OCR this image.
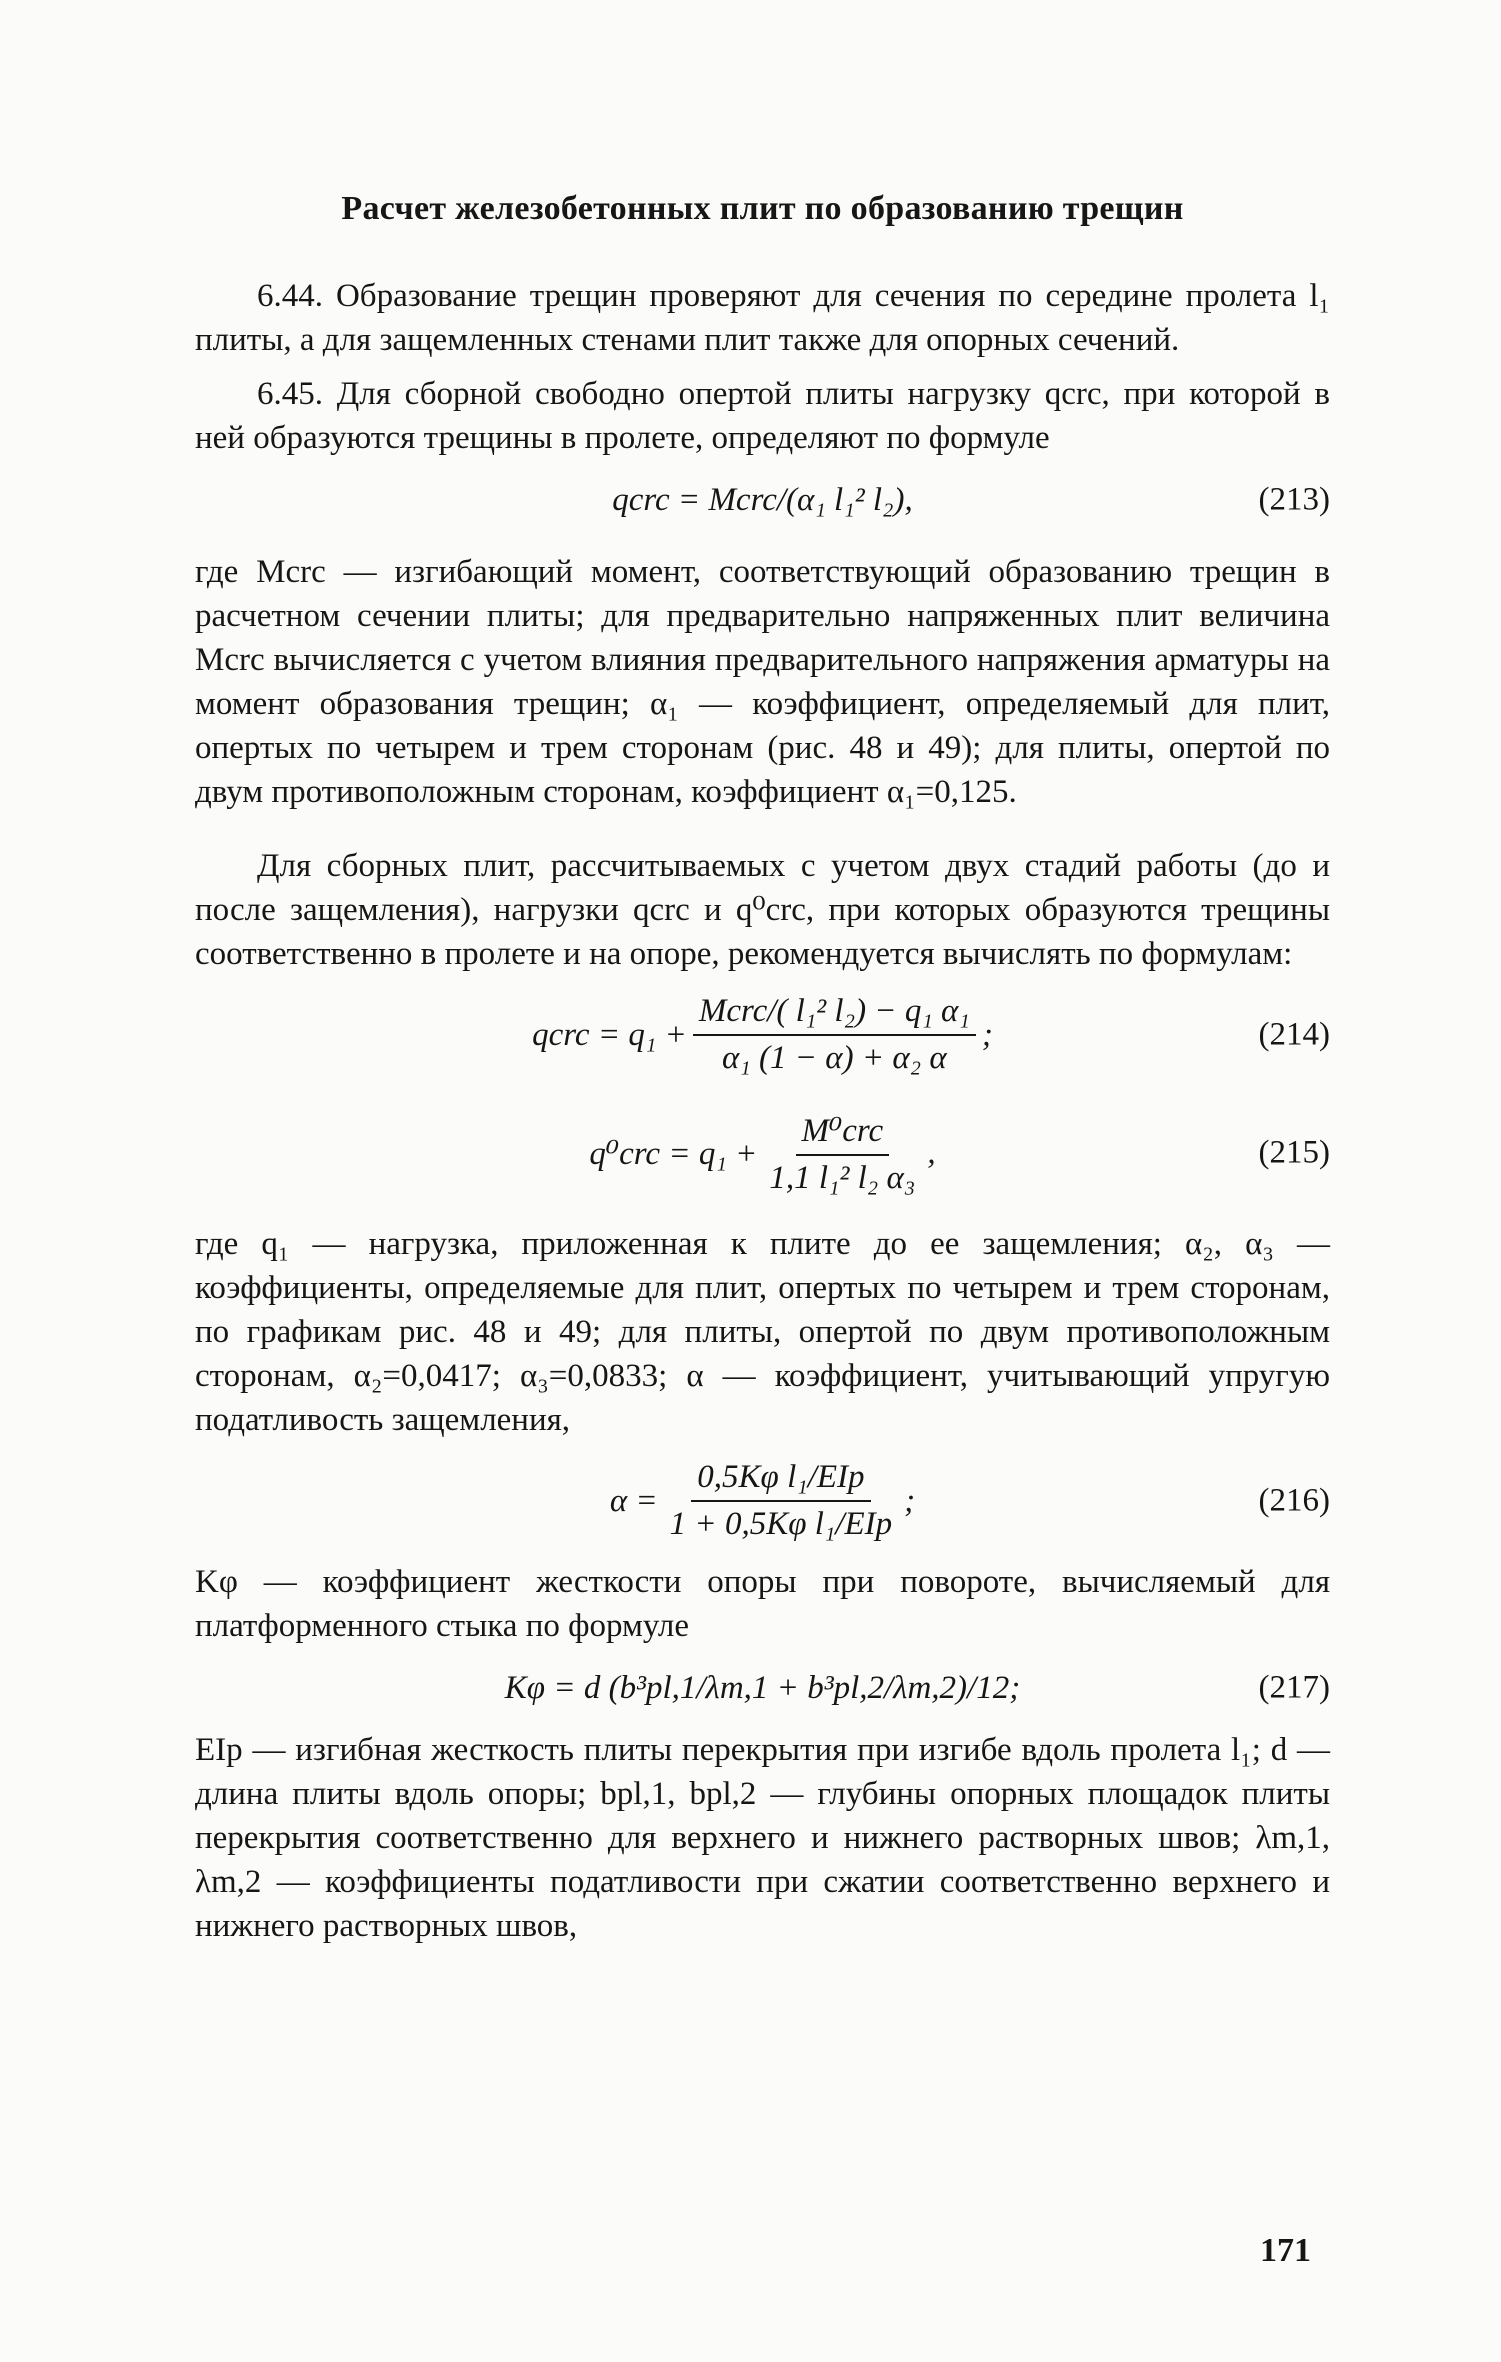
Расчет железобетонных плит по образованию трещин

6.44. Образование трещин проверяют для сечения по середине пролета l₁ плиты, а для защемленных стенами плит также для опорных сечений.

6.45. Для сборной свободно опертой плиты нагрузку qcrc, при которой в ней образуются трещины в пролете, определяют по формуле

qcrc = Mcrc/(α₁ l₁² l₂),	(213)

где Mcrc — изгибающий момент, соответствующий образованию трещин в расчетном сечении плиты; для предварительно напряженных плит величина Mcrc вычисляется с учетом влияния предварительного напряжения арматуры на момент образования трещин; α₁ — коэффициент, определяемый для плит, опертых по четырем и трем сторонам (рис. 48 и 49); для плиты, опертой по двум противоположным сторонам, коэффициент α₁=0,125.

Для сборных плит, рассчитываемых с учетом двух стадий работы (до и после защемления), нагрузки qcrc и q⁰crc, при которых образуются трещины соответственно в пролете и на опоре, рекомендуется вычислять по формулам:

qcrc = $q_1 + \frac{\text{Mcrc/( l₁² l₂) − q₁ α₁}}{\text{α₁ (1 − α) + α₂ α}}$ ;	(214)
$q^0crc = q_1 + \frac{\text{M⁰crc}}{\text{1,1 l₁² l₂ α₃}}$ ,	(215)

где q₁ — нагрузка, приложенная к плите до ее защемления; α₂, α₃ — коэффициенты, определяемые для плит, опертых по четырем и трем сторонам, по графикам рис. 48 и 49; для плиты, опертой по двум противоположным сторонам, α₂=0,0417; α₃=0,0833; α — коэффициент, учитывающий упругую податливость защемления,

$\alpha = \frac{\text{0,5Kφ l₁/EIp}}{\text{1 + 0,5Kφ l₁/EIp}}$ ;	(216)

Kφ — коэффициент жесткости опоры при повороте, вычисляемый для платформенного стыка по формуле

Kφ = d (b³pl,1/λm,1 + b³pl,2/λm,2)/12;	(217)

EIp — изгибная жесткость плиты перекрытия при изгибе вдоль пролета l₁; d — длина плиты вдоль опоры; bpl,1, bpl,2 — глубины опорных площадок плиты перекрытия соответственно для верхнего и нижнего растворных швов; λm,1, λm,2 — коэффициенты податливости при сжатии соответственно верхнего и нижнего растворных швов,

171
